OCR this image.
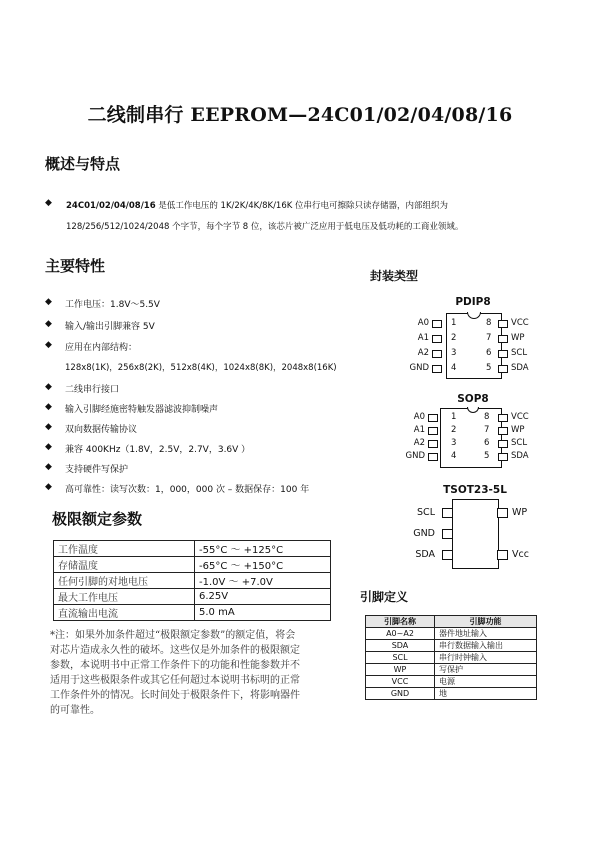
二线制串行 EEPROM—24C01/02/04/08/16
概述与特点
◆ 24C01/02/04/08/16 是低工作电压的 1K/2K/4K/8K/16K 位串行电可擦除只读存储器，内部组织为
128/256/512/1024/2048 个字节，每个字节 8 位，该芯片被广泛应用于低电压及低功耗的工商业领域。
主要特性
◆ 工作电压：1.8V～5.5V
◆ 输入/输出引脚兼容 5V
◆ 应用在内部结构：
128x8(1K)，256x8(2K)，512x8(4K)，1024x8(8K)，2048x8(16K)
◆ 二线串行接口
◆ 输入引脚经施密特触发器滤波抑制噪声
◆ 双向数据传输协议
◆ 兼容 400KHz（1.8V，2.5V，2.7V，3.6V ）
◆ 支持硬件写保护
◆ 高可靠性：读写次数：1，000，000 次 – 数据保存：100 年
封装类型
PDIP8
A0
A1
A2
GND
1
2
3
4
8
7
6
5
VCC
WP
SCL
SDA
SOP8
A0
A1
A2
GND
1
2
3
4
8
7
6
5
VCC
WP
SCL
SDA
TSOT23-5L
SCL
GND
SDA
WP
Vcc
极限额定参数
工作温度	-55°C ～ +125°C
存储温度	-65°C ～ +150°C
任何引脚的对地电压	-1.0V ～ +7.0V
最大工作电压	6.25V
直流输出电流	5.0 mA
*注：如果外加条件超过“极限额定参数”的额定值，将会
对芯片造成永久性的破坏。这些仅是外加条件的极限额定
参数，本说明书中正常工作条件下的功能和性能参数并不
适用于这些极限条件或其它任何超过本说明书标明的正常
工作条件外的情况。长时间处于极限条件下，将影响器件
的可靠性。
引脚定义
引脚名称	引脚功能
A0~A2	器件地址输入
SDA	串行数据输入输出
SCL	串行时钟输入
WP	写保护
VCC	电源
GND	地
